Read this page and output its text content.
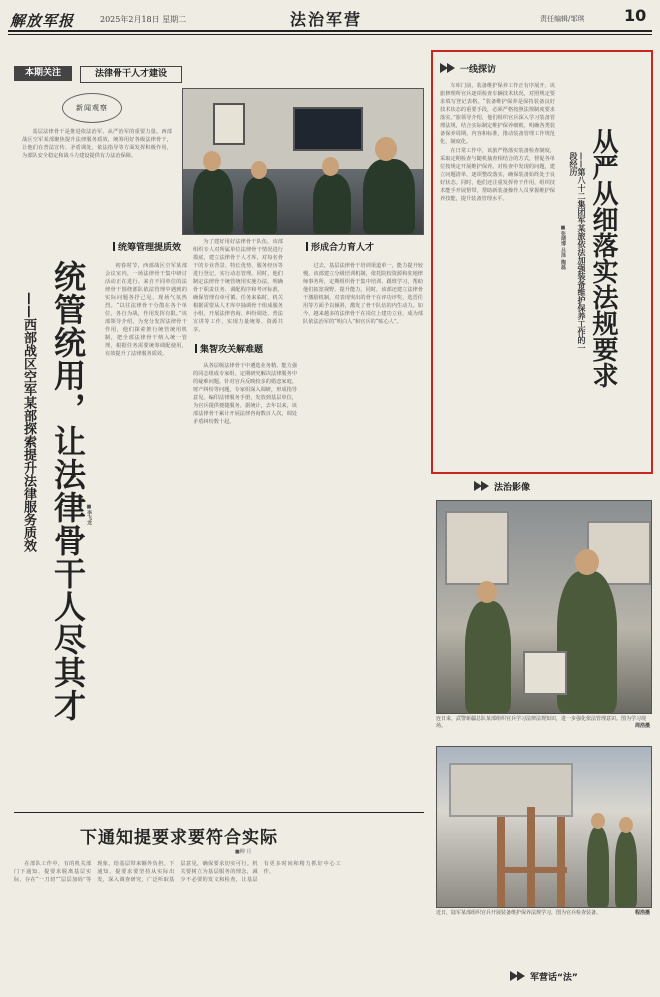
解放军报	2025年2月18日 星期二	法治军营	责任编辑/邹琪 10
本期关注	法律骨干人才建设
新闻观察

基层法律骨干是推进依法治军、从严治军的重要力量。西部战区空军某部聚焦提升法律服务质效，统筹用好各级法律骨干，让他们在普法宣传、矛盾调处、依法指导等方面发挥积极作用，为部队安全稳定和战斗力建设提供有力法治保障。

统管统用，让法律骨干人尽其才
——西部战区空军某部探索提升法律服务质效	■李飞龙
统筹管理提质效
集智攻关解难题
形成合力育人才

初春时节，西部战区空军某部会议室内，一场法律骨干集中研讨活动正在进行。来自不同单位的法律骨干围绕部队依法管理中遇到的实际问题各抒己见，现场气氛热烈。“以往法律骨干分散在各个单位，各自为战，作用发挥有限。”该部领导介绍，为充分发挥法律骨干作用，他们探索推行统管统用机制，把全部法律骨干纳入统一管理，根据任务需要统筹调配使用，有效提升了法律服务质效。

为了建好用好法律骨干队伍，该部组织专人对所属单位法律骨干情况进行摸底，建立法律骨干人才库，对每名骨干的专业背景、特长优势、服务经历等进行登记，实行动态管理。同时，他们制定法律骨干统管统用实施办法，明确骨干职责任务、调配程序和考评标准，确保管理有章可循。任务来临时，机关根据需要从人才库中抽调骨干组成服务小组，开展法律咨询、纠纷调处、普法宣讲等工作，实现力量统筹、资源共享。

从各层级法律骨干中遴选业务精、能力强的同志组成专家组，定期研究解决法律服务中的疑难问题。针对官兵反映较多的婚恋家庭、财产纠纷等问题，专家组深入调研，形成指导意见，编印法律服务手册，发放到基层单位，为官兵提供便捷服务。据统计，去年以来，该部法律骨干累计开展法律咨询数百人次，调处矛盾纠纷数十起。

过去，基层法律骨干培训渠道单一，能力提升较慢。该部建立分级培训机制，依托院校资源和驻地律师事务所，定期组织骨干集中培训、跟班学习，帮助他们拓宽视野、提升能力。同时，该部还建立法律骨干激励机制，对表现突出的骨干在评功评奖、选晋任用等方面予以倾斜，激发了骨干队伍的内生动力。如今，越来越多的法律骨干在岗位上建功立业，成为部队依法治军的“明白人”和官兵的“贴心人”。

一线探访

车库门前，装备维护保养工作正有序展开。该旅修理所官兵逐项检查车辆技术状况，对照规定要求填写登记表格。“装备维护保养是保持装备良好技术状态的重要手段，必须严格按照法规制度要求落实。”旅领导介绍，他们组织官兵深入学习装备管理法规，结合实际制定维护保养细则，明确各类装备保养周期、内容和标准，推动装备管理工作规范化、制度化。

在日常工作中，该旅严格落实装备检查制度，采取定期检查与随机抽查相结合的方式，督促各单位按规定开展维护保养。对检查中发现的问题，建立问题清单，逐项整改落实，确保装备始终处于良好状态。同时，他们还注重发挥骨干作用，组织技术能手开展帮带，帮助新装备操作人员掌握维护保养技能，提升装备管理水平。	从严从细落实法规要求
——第八十二集团军某旅依法加强装备维护保养工作的一段经历
■张靖博 吕泽 陶磊
法治影像
连日来，武警新疆总队某部组织官兵学习法律法规知识，进一步强化依法管理意识。图为学习现场。	周浩摄
近日，陆军某部组织官兵开展装备维护保养法规学习，图为官兵检查装备。	程浩摄
下通知提要求要符合实际
■柳 月

在部队工作中，有的机关部门下通知、提要求脱离基层实际，存在“一刀切”“层层加码”等现象，给基层带来额外负担。下通知、提要求要坚持从实际出发，深入调查研究，广泛听取基层意见，确保要求切实可行。机关要树立为基层服务的理念，减少不必要的发文和检查，让基层有更多时间和精力抓好中心工作。

军营话“法”
